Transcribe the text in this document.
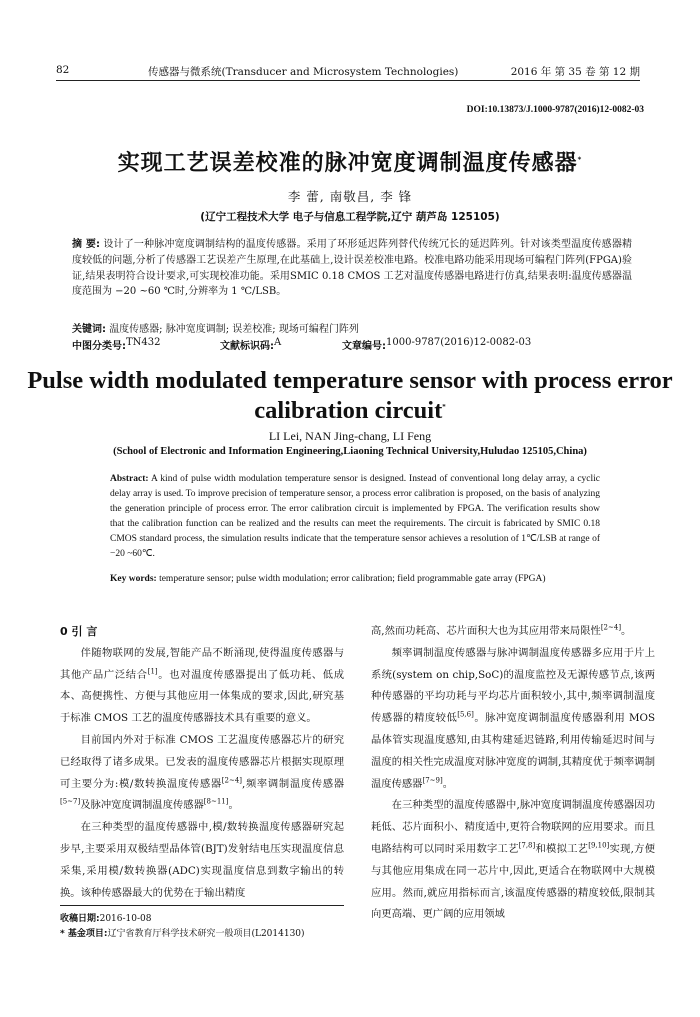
82	传感器与微系统(Transducer and Microsystem Technologies)	2016 年 第 35 卷 第 12 期
DOI:10.13873/J.1000-9787(2016)12-0082-03
实现工艺误差校准的脉冲宽度调制温度传感器*
李 蕾, 南敬昌, 李 锋
(辽宁工程技术大学 电子与信息工程学院,辽宁 葫芦岛 125105)
摘 要: 设计了一种脉冲宽度调制结构的温度传感器。采用了环形延迟阵列替代传统冗长的延迟阵列。针对该类型温度传感器精度较低的问题,分析了传感器工艺误差产生原理,在此基础上,设计误差校准电路。校准电路功能采用现场可编程门阵列(FPGA)验证,结果表明符合设计要求,可实现校准功能。采用SMIC 0.18 CMOS 工艺对温度传感器电路进行仿真,结果表明:温度传感器温度范围为 −20 ~60 ℃时,分辨率为 1 ℃/LSB。
关键词: 温度传感器; 脉冲宽度调制; 误差校准; 现场可编程门阵列
中图分类号: TN432	文献标识码: A	文章编号: 1000-9787(2016)12-0082-03
Pulse width modulated temperature sensor with process error calibration circuit*
LI Lei, NAN Jing-chang, LI Feng
(School of Electronic and Information Engineering,Liaoning Technical University,Huludao 125105,China)
Abstract: A kind of pulse width modulation temperature sensor is designed. Instead of conventional long delay array, a cyclic delay array is used. To improve precision of temperature sensor, a process error calibration is proposed, on the basis of analyzing the generation principle of process error. The error calibration circuit is implemented by FPGA. The verification results show that the calibration function can be realized and the results can meet the requirements. The circuit is fabricated by SMIC 0.18 CMOS standard process, the simulation results indicate that the temperature sensor achieves a resolution of 1℃/LSB at range of −20 ~60℃.
Key words: temperature sensor; pulse width modulation; error calibration; field programmable gate array (FPGA)
0 引 言

伴随物联网的发展,智能产品不断涌现,使得温度传感器与其他产品广泛结合[1]。也对温度传感器提出了低功耗、低成本、高便携性、方便与其他应用一体集成的要求,因此,研究基于标准 CMOS 工艺的温度传感器技术具有重要的意义。

目前国内外对于标准 CMOS 工艺温度传感器芯片的研究已经取得了诸多成果。已发表的温度传感器芯片根据实现原理可主要分为:模/数转换温度传感器[2~4],频率调制温度传感器[5~7]及脉冲宽度调制温度传感器[8~11]。

在三种类型的温度传感器中,模/数转换温度传感器研究起步早,主要采用双极结型晶体管(BJT)发射结电压实现温度信息采集,采用模/数转换器(ADC)实现温度信息到数字输出的转换。该种传感器最大的优势在于输出精度

高,然而功耗高、芯片面积大也为其应用带来局限性[2~4]。

频率调制温度传感器与脉冲调制温度传感器多应用于片上系统(system on chip,SoC)的温度监控及无源传感节点,该两种传感器的平均功耗与平均芯片面积较小,其中,频率调制温度传感器的精度较低[5,6]。脉冲宽度调制温度传感器利用 MOS 晶体管实现温度感知,由其构建延迟链路,利用传输延迟时间与温度的相关性完成温度对脉冲宽度的调制,其精度优于频率调制温度传感器[7~9]。

在三种类型的温度传感器中,脉冲宽度调制温度传感器因功耗低、芯片面积小、精度适中,更符合物联网的应用要求。而且电路结构可以同时采用数字工艺[7,8]和模拟工艺[9,10]实现,方便与其他应用集成在同一芯片中,因此,更适合在物联网中大规模应用。然而,就应用指标而言,该温度传感器的精度较低,限制其向更高端、更广阔的应用领域

收稿日期:2016-10-08
* 基金项目:辽宁省教育厅科学技术研究一般项目(L2014130)
